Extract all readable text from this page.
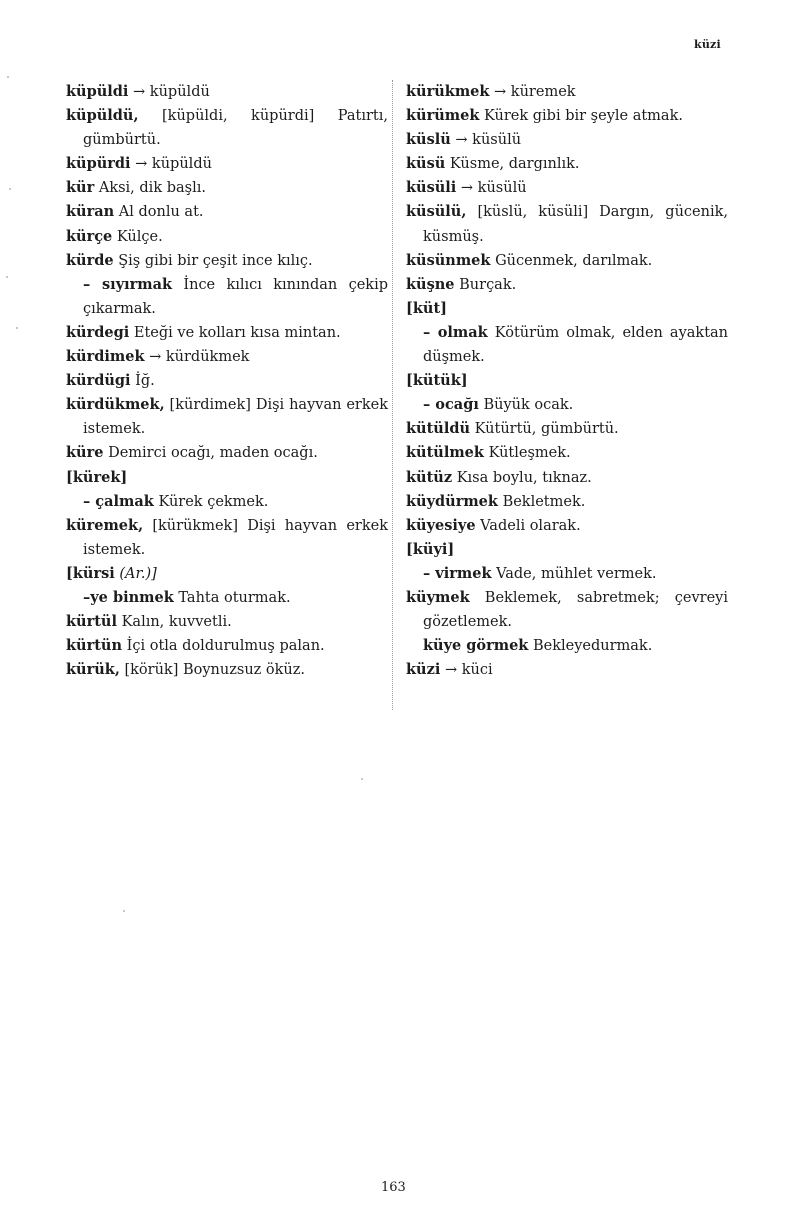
küzi
küpüldi → küpüldü
küpüldü, [küpüldi, küpürdi] Patırtı, gümbürtü.
küpürdi → küpüldü
kür Aksi, dik başlı.
küran Al donlu at.
kürçe Külçe.
kürde Şiş gibi bir çeşit ince kılıç.
– sıyırmak İnce kılıcı kınından çekip çıkarmak.
kürdegi Eteği ve kolları kısa mintan.
kürdimek → kürdükmek
kürdügi İğ.
kürdükmek, [kürdimek] Dişi hayvan erkek istemek.
küre Demirci ocağı, maden ocağı.
[kürek]
– çalmak Kürek çekmek.
küremek, [kürükmek] Dişi hayvan erkek istemek.
[kürsi (Ar.)]
–ye binmek Tahta oturmak.
kürtül Kalın, kuvvetli.
kürtün İçi otla doldurulmuş palan.
kürük, [körük] Boynuzsuz öküz.
kürükmek → küremek
kürümek Kürek gibi bir şeyle atmak.
küslü → küsülü
küsü Küsme, dargınlık.
küsüli → küsülü
küsülü, [küslü, küsüli] Dargın, gücenik, küsmüş.
küsünmek Gücenmek, darılmak.
küşne Burçak.
[küt]
– olmak Kötürüm olmak, elden ayaktan düşmek.
[kütük]
– ocağı Büyük ocak.
kütüldü Kütürtü, gümbürtü.
kütülmek Kütleşmek.
kütüz Kısa boylu, tıknaz.
küydürmek Bekletmek.
küyesiye Vadeli olarak.
[küyi]
– virmek Vade, mühlet vermek.
küymek Beklemek, sabretmek; çevreyi gözetlemek.
küye görmek Bekleyedurmak.
küzi → küci
163
